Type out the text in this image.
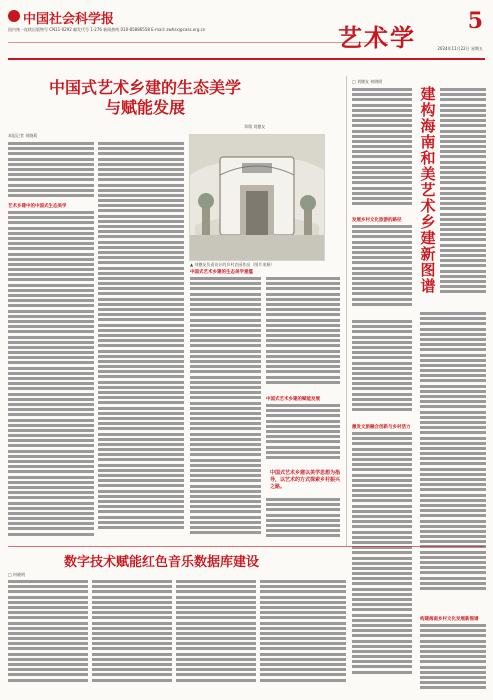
中国社会科学报
国内统一连续出版物号 CN11-0292 邮发代号 1-276 新闻热线 010-85886558 E-mail: zwhsx@cass.org.cn	艺术学
5
2024年11月22日 星期五
中国式艺术乡建的生态美学
与赋能发展
邓翔 刘德友
本报记者 刘晓莉
艺术乡建中的中国式生态美学
▲ 刘德友负责设计的乡村农园作品（图片来源）
中国式艺术乡建的生态美学意蕴
中国式艺术乡建的赋能发展
中国式艺术乡建以美学思想为指导，以艺术的方式探索乡村振兴之路。
□ 刘德友 何晓明
建
构
海
南
和
美
艺
术
乡
建
新
图
谱
发展乡村文化旅游的路径
激发文旅融合创新与乡村活力
构建海南乡村文化发展新图谱
数字技术赋能红色音乐数据库建设
□ 何晓明
